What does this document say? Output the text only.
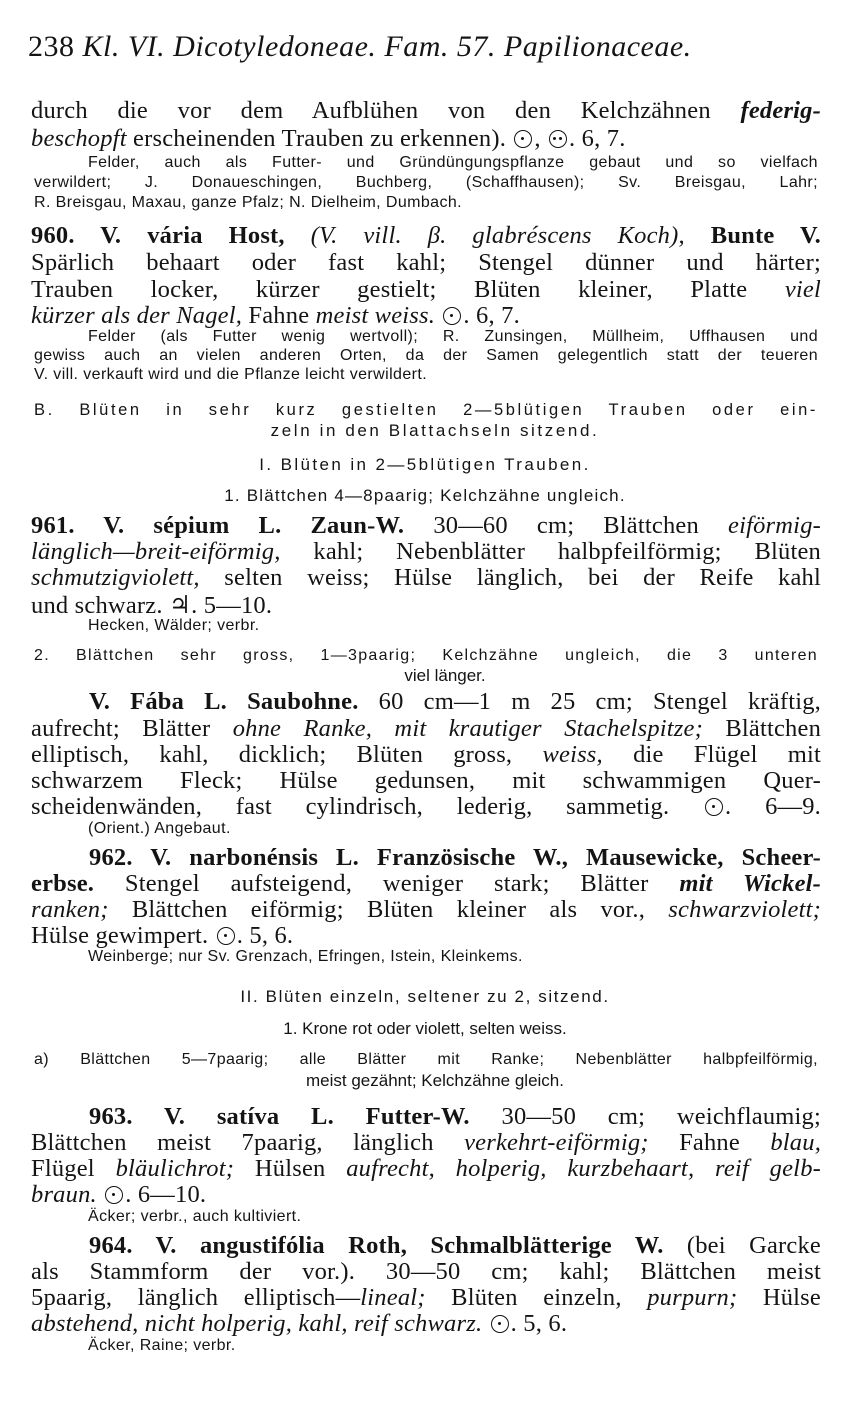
238 Kl. VI. Dicotyledoneae. Fam. 57. Papilionaceae.
durch die vor dem Aufblühen von den Kelchzähnen federig-
beschopft erscheinenden Trauben zu erkennen). , . 6, 7.
Felder, auch als Futter- und Gründüngungspflanze gebaut und so vielfach
verwildert; J. Donaueschingen, Buchberg, (Schaffhausen); Sv. Breisgau, Lahr;
R. Breisgau, Maxau, ganze Pfalz; N. Dielheim, Dumbach.
960. V. vária Host, (V. vill. β. glabréscens Koch), Bunte V.
Spärlich behaart oder fast kahl; Stengel dünner und härter;
Trauben locker, kürzer gestielt; Blüten kleiner, Platte viel
kürzer als der Nagel, Fahne meist weiss. . 6, 7.
Felder (als Futter wenig wertvoll); R. Zunsingen, Müllheim, Uffhausen und
gewiss auch an vielen anderen Orten, da der Samen gelegentlich statt der teueren
V. vill. verkauft wird und die Pflanze leicht verwildert.
B. Blüten in sehr kurz gestielten 2—5blütigen Trauben oder ein-
zeln in den Blattachseln sitzend.
I. Blüten in 2—5blütigen Trauben.
1. Blättchen 4—8paarig; Kelchzähne ungleich.
961. V. sépium L. Zaun-W. 30—60 cm; Blättchen eiförmig-
länglich—breit-eiförmig, kahl; Nebenblätter halbpfeilförmig; Blüten
schmutzigviolett, selten weiss; Hülse länglich, bei der Reife kahl
und schwarz. ♃. 5—10.
Hecken, Wälder; verbr.
2. Blättchen sehr gross, 1—3paarig; Kelchzähne ungleich, die 3 unteren
viel länger.
V. Fába L. Saubohne. 60 cm—1 m 25 cm; Stengel kräftig,
aufrecht; Blätter ohne Ranke, mit krautiger Stachelspitze; Blättchen
elliptisch, kahl, dicklich; Blüten gross, weiss, die Flügel mit
schwarzem Fleck; Hülse gedunsen, mit schwammigen Quer-
scheidenwänden, fast cylindrisch, lederig, sammetig. . 6—9.
(Orient.) Angebaut.
962. V. narbonénsis L. Französische W., Mausewicke, Scheer-
erbse. Stengel aufsteigend, weniger stark; Blätter mit Wickel-
ranken; Blättchen eiförmig; Blüten kleiner als vor., schwarzviolett;
Hülse gewimpert. . 5, 6.
Weinberge; nur Sv. Grenzach, Efringen, Istein, Kleinkems.
II. Blüten einzeln, seltener zu 2, sitzend.
1. Krone rot oder violett, selten weiss.
a) Blättchen 5—7paarig; alle Blätter mit Ranke; Nebenblätter halbpfeilförmig,
meist gezähnt; Kelchzähne gleich.
963. V. satíva L. Futter-W. 30—50 cm; weichflaumig;
Blättchen meist 7paarig, länglich verkehrt-eiförmig; Fahne blau,
Flügel bläulichrot; Hülsen aufrecht, holperig, kurzbehaart, reif gelb-
braun. . 6—10.
Äcker; verbr., auch kultiviert.
964. V. angustifólia Roth, Schmalblätterige W. (bei Garcke
als Stammform der vor.). 30—50 cm; kahl; Blättchen meist
5paarig, länglich elliptisch—lineal; Blüten einzeln, purpurn; Hülse
abstehend, nicht holperig, kahl, reif schwarz. . 5, 6.
Äcker, Raine; verbr.
